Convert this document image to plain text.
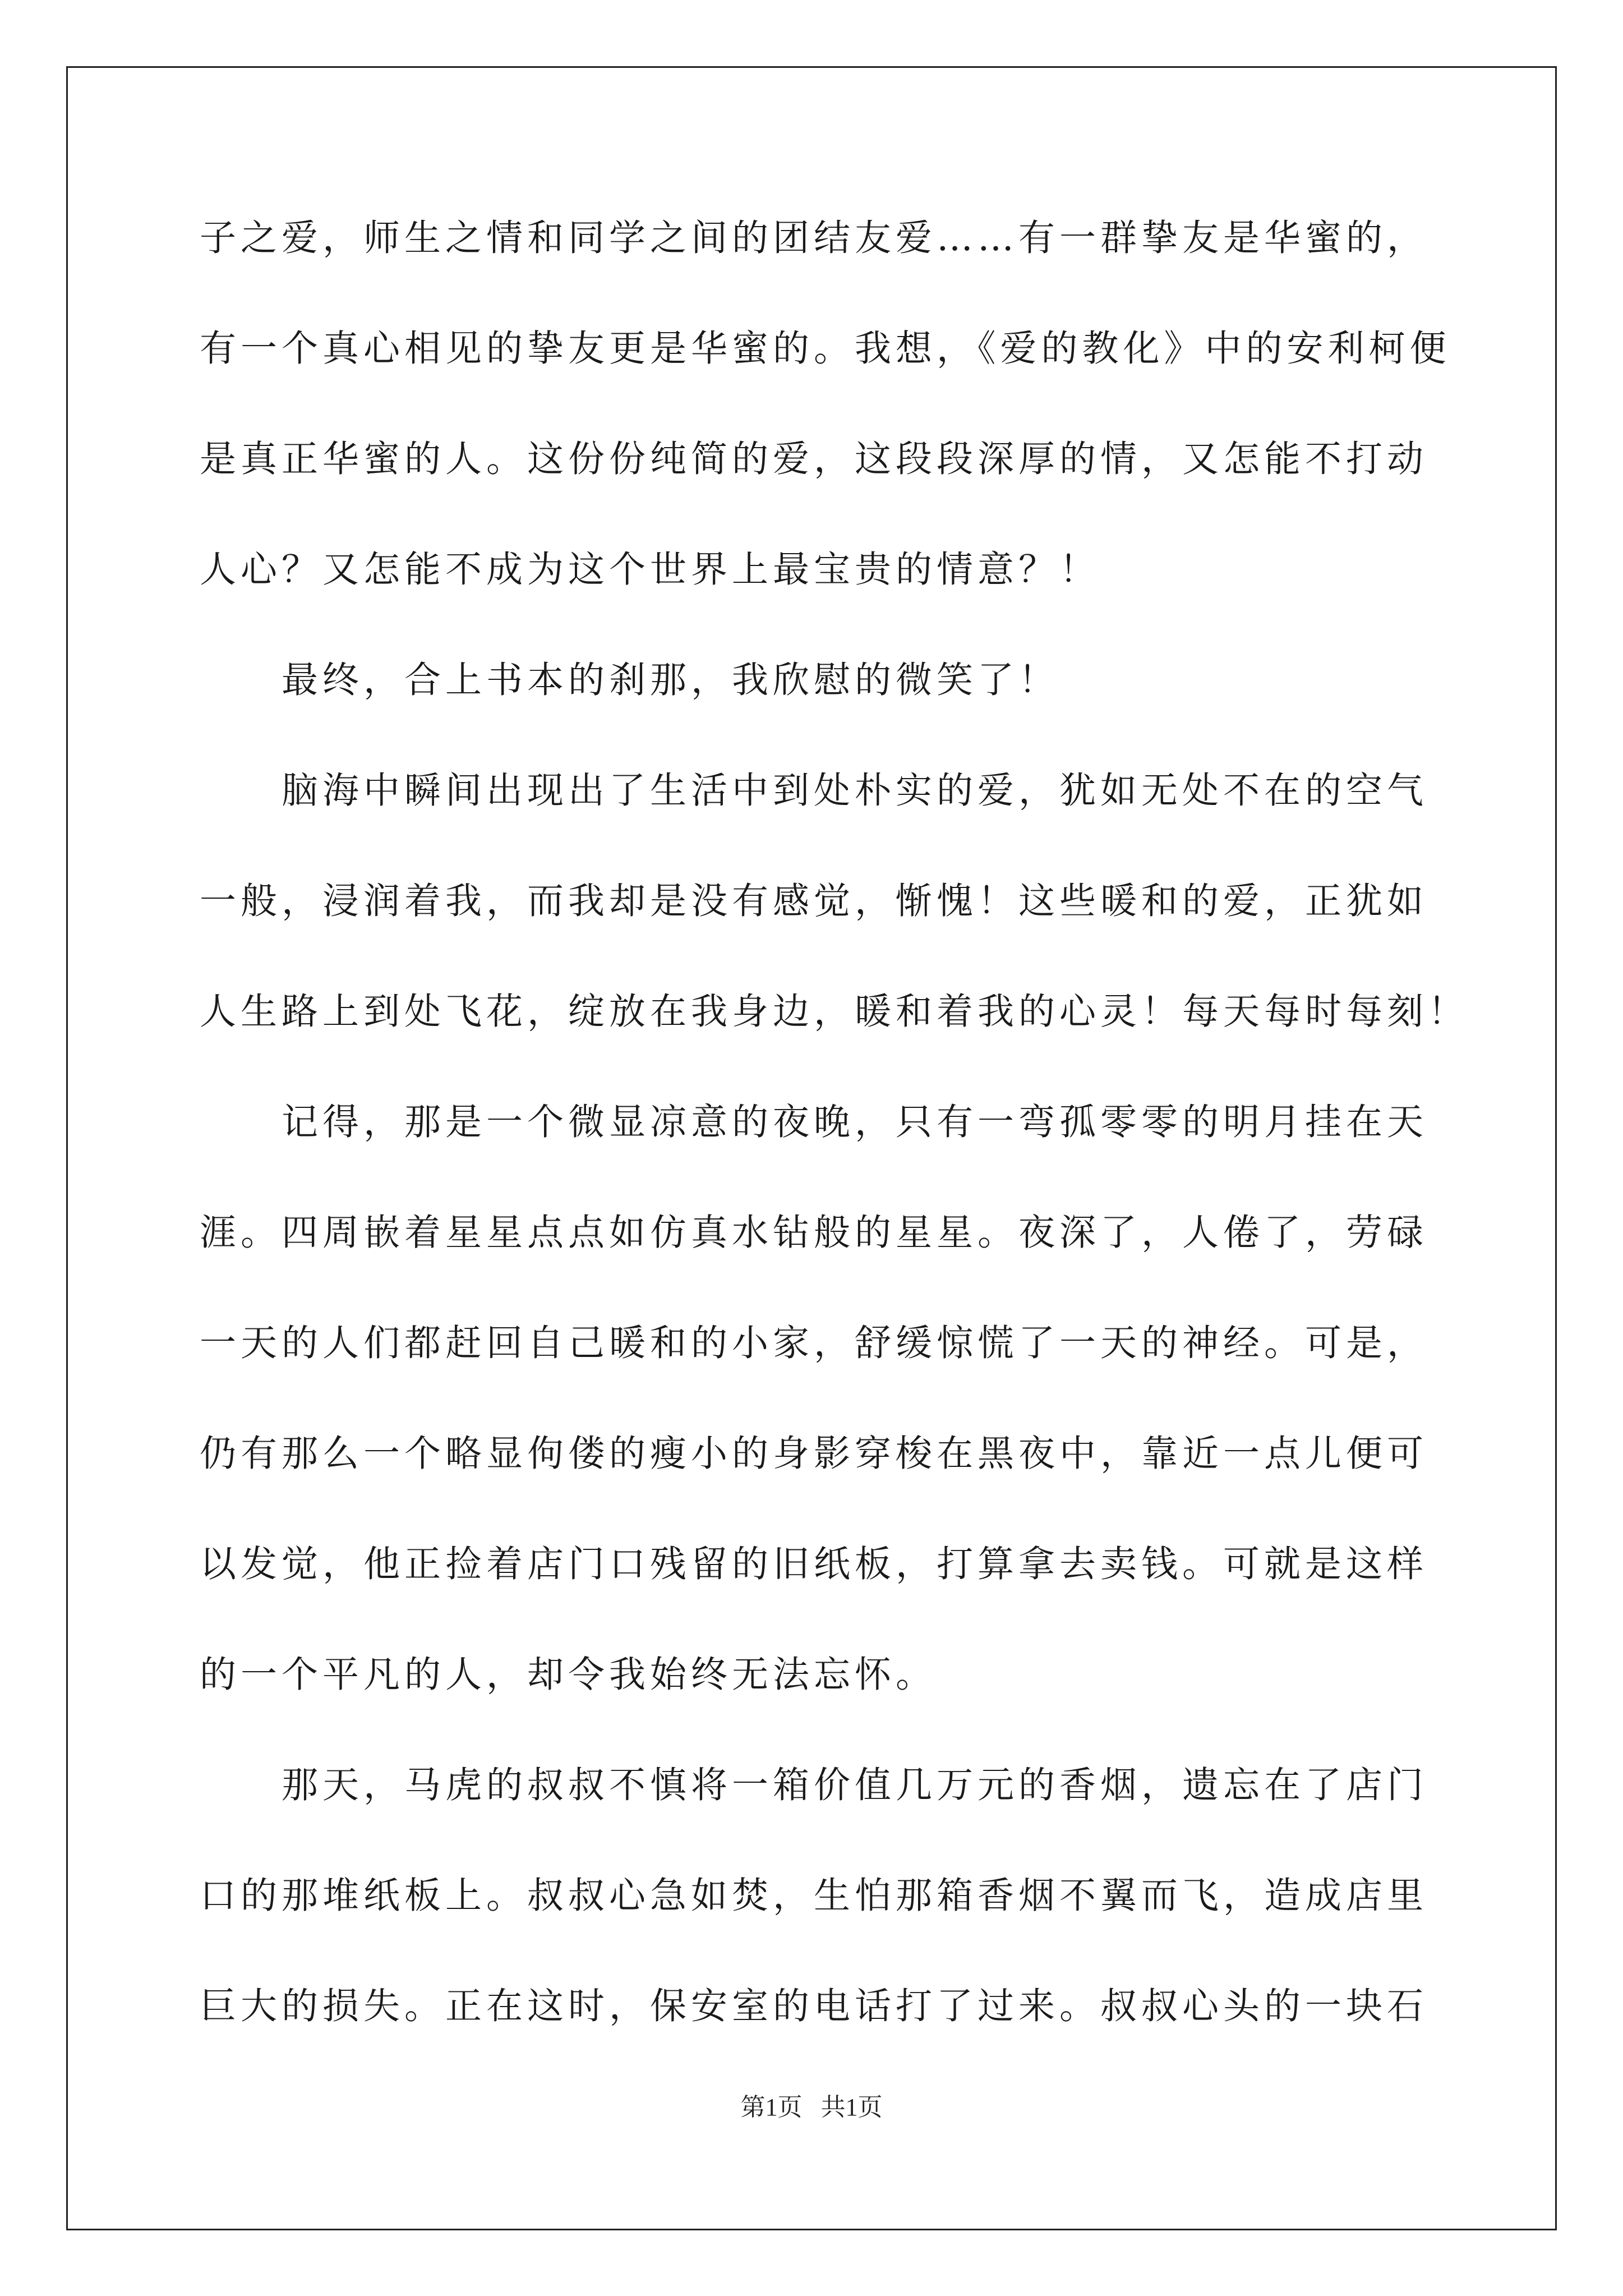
子之爱，师生之情和同学之间的团结友爱……有一群挚友是华蜜的，
有一个真心相见的挚友更是华蜜的。我想，《爱的教化》中的安利柯便
是真正华蜜的人。这份份纯简的爱，这段段深厚的情，又怎能不打动
人心？又怎能不成为这个世界上最宝贵的情意？！
最终，合上书本的刹那，我欣慰的微笑了！
脑海中瞬间出现出了生活中到处朴实的爱，犹如无处不在的空气
一般，浸润着我，而我却是没有感觉，惭愧！这些暖和的爱，正犹如
人生路上到处飞花，绽放在我身边，暖和着我的心灵！每天每时每刻！
记得，那是一个微显凉意的夜晚，只有一弯孤零零的明月挂在天
涯。四周嵌着星星点点如仿真水钻般的星星。夜深了，人倦了，劳碌
一天的人们都赶回自己暖和的小家，舒缓惊慌了一天的神经。可是，
仍有那么一个略显佝偻的瘦小的身影穿梭在黑夜中，靠近一点儿便可
以发觉，他正捡着店门口残留的旧纸板，打算拿去卖钱。可就是这样
的一个平凡的人，却令我始终无法忘怀。
那天，马虎的叔叔不慎将一箱价值几万元的香烟，遗忘在了店门
口的那堆纸板上。叔叔心急如焚，生怕那箱香烟不翼而飞，造成店里
巨大的损失。正在这时，保安室的电话打了过来。叔叔心头的一块石
第1页   共1页
